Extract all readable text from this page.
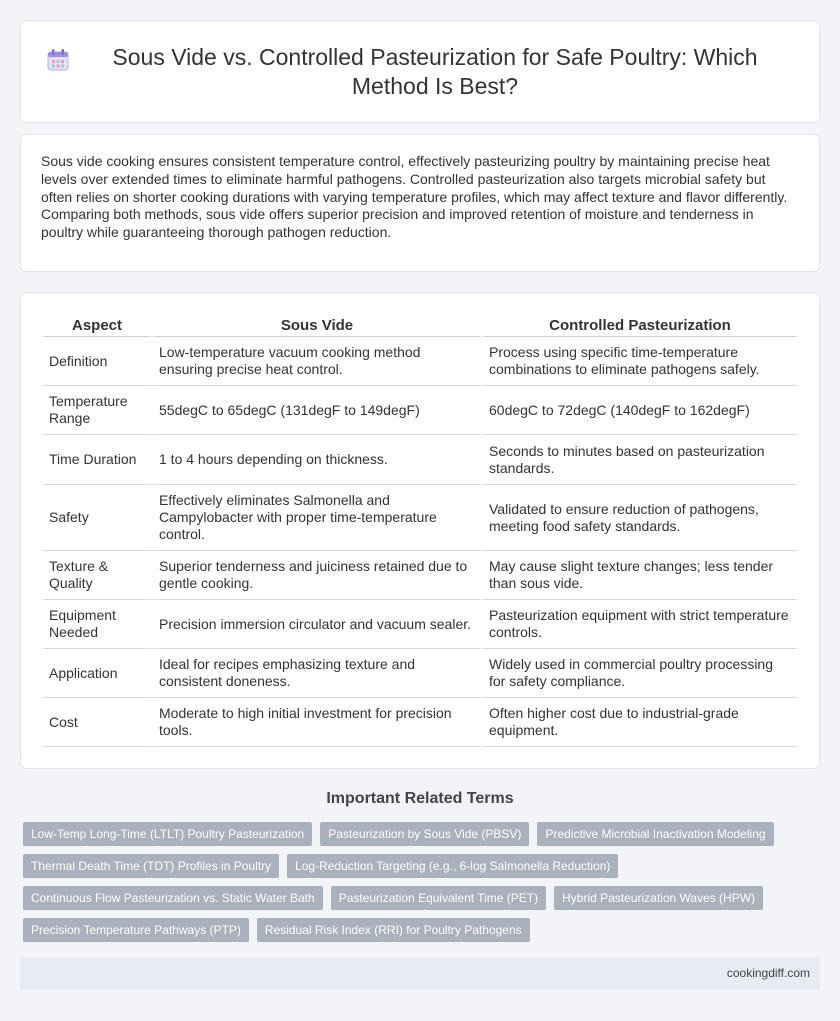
Sous Vide vs. Controlled Pasteurization for Safe Poultry: Which Method Is Best?

Sous vide cooking ensures consistent temperature control, effectively pasteurizing poultry by maintaining precise heat levels over extended times to eliminate harmful pathogens. Controlled pasteurization also targets microbial safety but often relies on shorter cooking durations with varying temperature profiles, which may affect texture and flavor differently. Comparing both methods, sous vide offers superior precision and improved retention of moisture and tenderness in poultry while guaranteeing thorough pathogen reduction.

Aspect	Sous Vide	Controlled Pasteurization
Definition	Low-temperature vacuum cooking method ensuring precise heat control.	Process using specific time-temperature combinations to eliminate pathogens safely.
Temperature Range	55degC to 65degC (131degF to 149degF)	60degC to 72degC (140degF to 162degF)
Time Duration	1 to 4 hours depending on thickness.	Seconds to minutes based on pasteurization standards.
Safety	Effectively eliminates Salmonella and Campylobacter with proper time-temperature control.	Validated to ensure reduction of pathogens, meeting food safety standards.
Texture & Quality	Superior tenderness and juiciness retained due to gentle cooking.	May cause slight texture changes; less tender than sous vide.
Equipment Needed	Precision immersion circulator and vacuum sealer.	Pasteurization equipment with strict temperature controls.
Application	Ideal for recipes emphasizing texture and consistent doneness.	Widely used in commercial poultry processing for safety compliance.
Cost	Moderate to high initial investment for precision tools.	Often higher cost due to industrial-grade equipment.
Important Related Terms
Low-Temp Long-Time (LTLT) Poultry Pasteurization	Pasteurization by Sous Vide (PBSV)	Predictive Microbial Inactivation Modeling
Thermal Death Time (TDT) Profiles in Poultry	Log-Reduction Targeting (e.g., 6-log Salmonella Reduction)
Continuous Flow Pasteurization vs. Static Water Bath	Pasteurization Equivalent Time (PET)	Hybrid Pasteurization Waves (HPW)
Precision Temperature Pathways (PTP)	Residual Risk Index (RRI) for Poultry Pathogens
cookingdiff.com
